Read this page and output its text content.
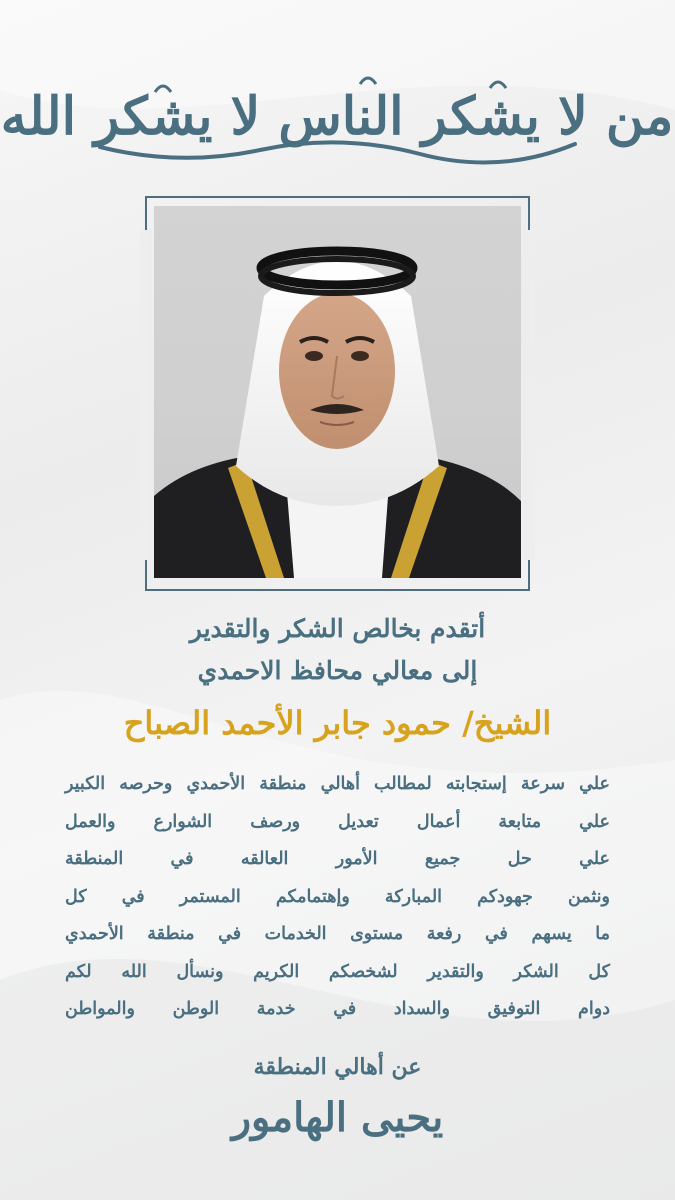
من لا يشكر الناس لا يشكر الله
أتقدم بخالص الشكر والتقدير
إلى معالي محافظ الاحمدي
الشيخ/ حمود جابر الأحمد الصباح
علي سرعة إستجابته لمطالب أهالي منطقة الأحمدي وحرصه الكبير
علي متابعة أعمال تعديل ورصف الشوارع والعمل
علي حل جميع الأمور العالقه في المنطقة
ونثمن جهودكم المباركة وإهتمامكم المستمر في كل
ما يسهم في رفعة مستوى الخدمات في منطقة الأحمدي
كل الشكر والتقدير لشخصكم الكريم ونسأل الله لكم
دوام التوفيق والسداد في خدمة الوطن والمواطن
عن أهالي المنطقة
يحيى الهامور
